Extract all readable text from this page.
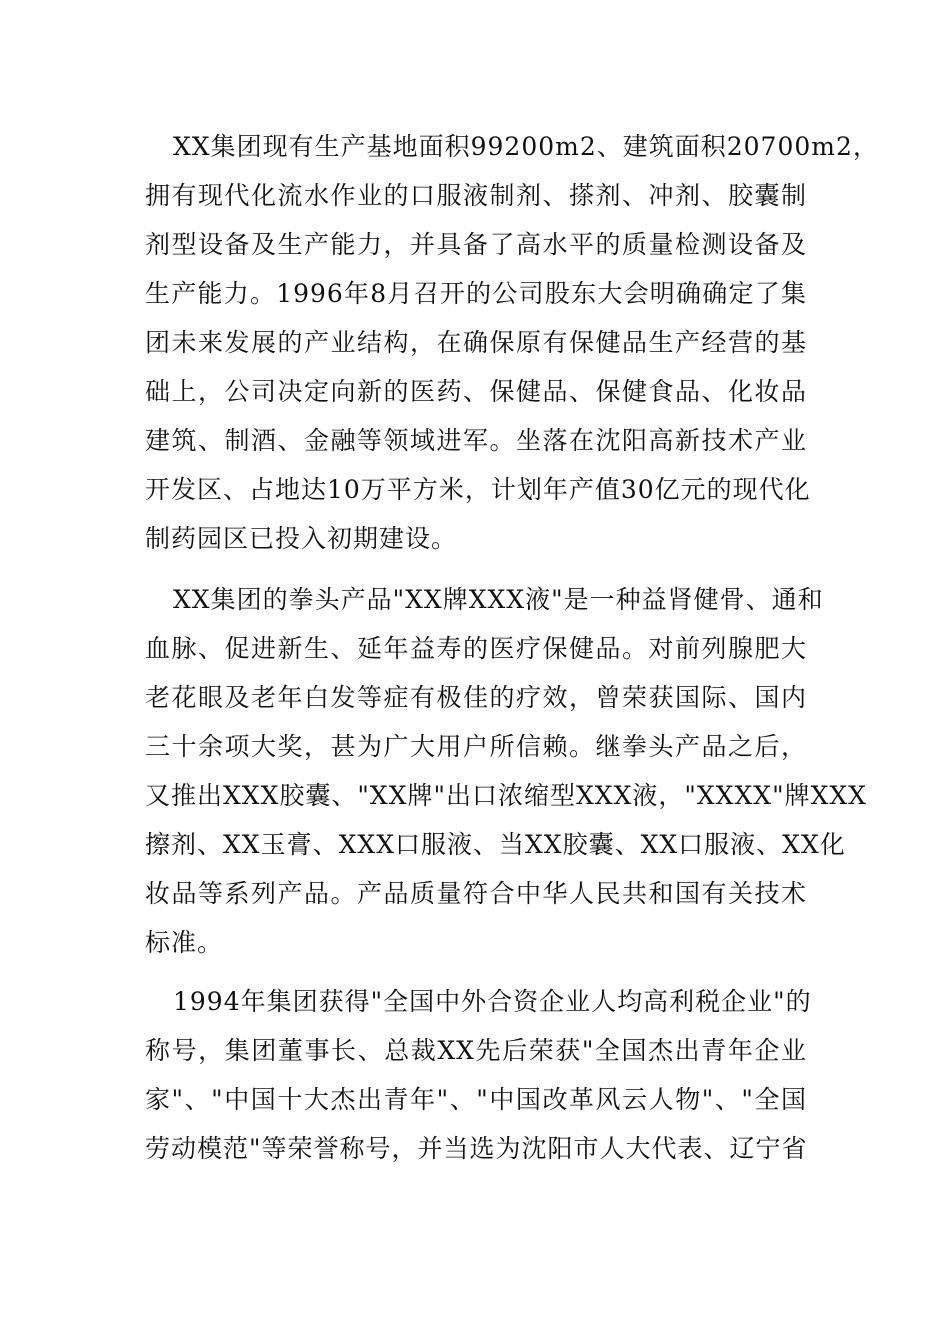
XX集团现有生产基地面积99200m2、建筑面积20700m2，
拥有现代化流水作业的口服液制剂、搽剂、冲剂、胶囊制
剂型设备及生产能力，并具备了高水平的质量检测设备及
生产能力。1996年8月召开的公司股东大会明确确定了集
团未来发展的产业结构，在确保原有保健品生产经营的基
础上，公司决定向新的医药、保健品、保健食品、化妆品
建筑、制酒、金融等领域进军。坐落在沈阳高新技术产业
开发区、占地达10万平方米，计划年产值30亿元的现代化
制药园区已投入初期建设。
XX集团的拳头产品"XX牌XXX液"是一种益肾健骨、通和
血脉、促进新生、延年益寿的医疗保健品。对前列腺肥大
老花眼及老年白发等症有极佳的疗效，曾荣获国际、国内
三十余项大奖，甚为广大用户所信赖。继拳头产品之后，
又推出XXX胶囊、"XX牌"出口浓缩型XXX液，"XXXX"牌XXX
擦剂、XX玉膏、XXX口服液、当XX胶囊、XX口服液、XX化
妆品等系列产品。产品质量符合中华人民共和国有关技术
标准。
1994年集团获得"全国中外合资企业人均高利税企业"的
称号，集团董事长、总裁XX先后荣获"全国杰出青年企业
家"、"中国十大杰出青年"、"中国改革风云人物"、"全国
劳动模范"等荣誉称号，并当选为沈阳市人大代表、辽宁省
